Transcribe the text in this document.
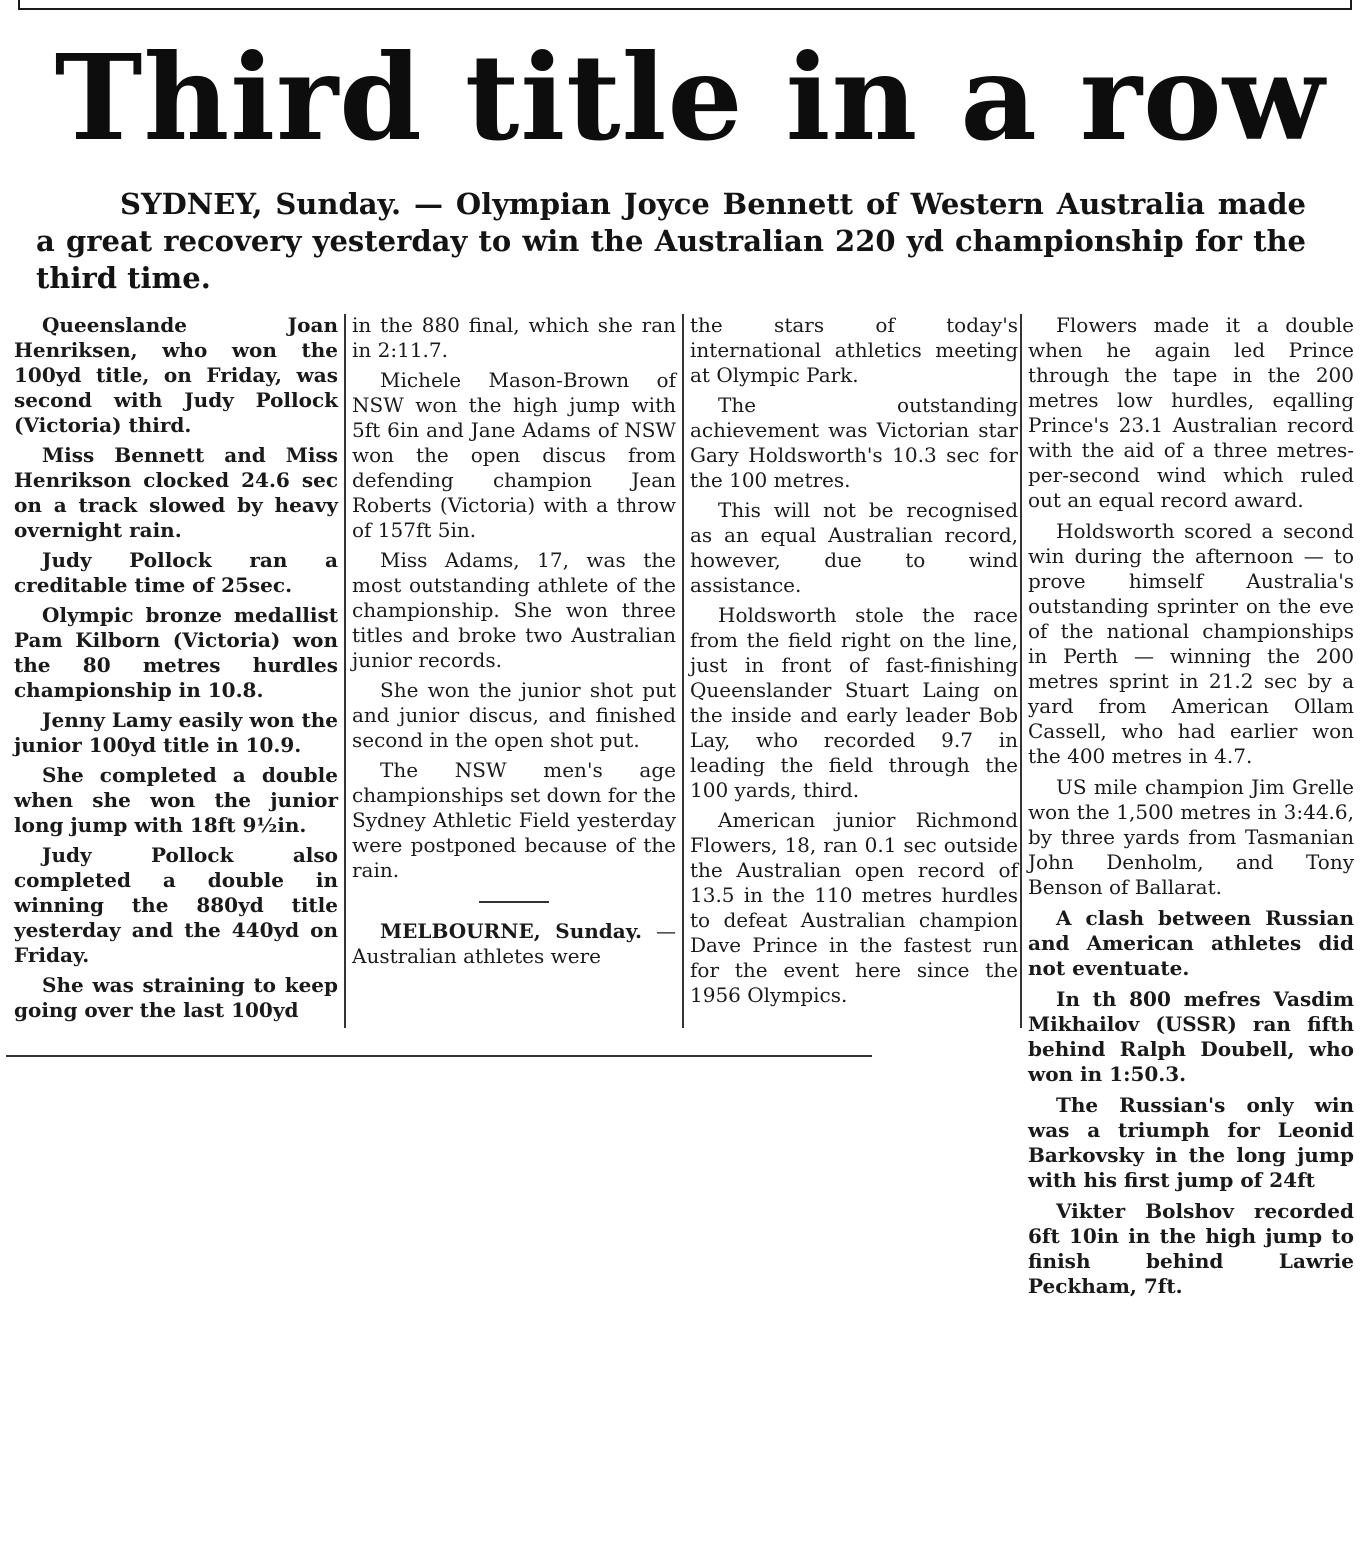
Third title in a row

SYDNEY, Sunday. — Olympian Joyce Bennett of Western Australia made a great recovery yesterday to win the Australian 220 yd championship for the third time.

Queenslande Joan Henriksen, who won the 100yd title, on Friday, was second with Judy Pollock (Victoria) third.

Miss Bennett and Miss Henrikson clocked 24.6 sec on a track slowed by heavy overnight rain.

Judy Pollock ran a creditable time of 25sec.

Olympic bronze medallist Pam Kilborn (Victoria) won the 80 metres hurdles championship in 10.8.

Jenny Lamy easily won the junior 100yd title in 10.9.

She completed a double when she won the junior long jump with 18ft 9½in.

Judy Pollock also completed a double in winning the 880yd title yesterday and the 440yd on Friday.

She was straining to keep going over the last 100yd

in the 880 final, which she ran in 2:11.7.

Michele Mason-Brown of NSW won the high jump with 5ft 6in and Jane Adams of NSW won the open discus from defending champion Jean Roberts (Victoria) with a throw of 157ft 5in.

Miss Adams, 17, was the most outstanding athlete of the championship. She won three titles and broke two Australian junior records.

She won the junior shot put and junior discus, and finished second in the open shot put.

The NSW men's age championships set down for the Sydney Athletic Field yesterday were postponed because of the rain.

MELBOURNE, Sunday. —Australian athletes were

the stars of today's international athletics meeting at Olympic Park.

The outstanding achievement was Victorian star Gary Holdsworth's 10.3 sec for the 100 metres.

This will not be recognised as an equal Australian record, however, due to wind assistance.

Holdsworth stole the race from the field right on the line, just in front of fast-finishing Queenslander Stuart Laing on the inside and early leader Bob Lay, who recorded 9.7 in leading the field through the 100 yards, third.

American junior Richmond Flowers, 18, ran 0.1 sec outside the Australian open record of 13.5 in the 110 metres hurdles to defeat Australian champion Dave Prince in the fastest run for the event here since the 1956 Olympics.

Flowers made it a double when he again led Prince through the tape in the 200 metres low hurdles, eqalling Prince's 23.1 Australian record with the aid of a three metres-per-second wind which ruled out an equal record award.

Holdsworth scored a second win during the afternoon — to prove himself Australia's outstanding sprinter on the eve of the national championships in Perth — winning the 200 metres sprint in 21.2 sec by a yard from American Ollam Cassell, who had earlier won the 400 metres in 4.7.

US mile champion Jim Grelle won the 1,500 metres in 3:44.6, by three yards from Tasmanian John Denholm, and Tony Benson of Ballarat.

A clash between Russian and American athletes did not eventuate.

In th 800 mefres Vasdim Mikhailov (USSR) ran fifth behind Ralph Doubell, who won in 1:50.3.

The Russian's only win was a triumph for Leonid Barkovsky in the long jump with his first jump of 24ft

Vikter Bolshov recorded 6ft 10in in the high jump to finish behind Lawrie Peckham, 7ft.
